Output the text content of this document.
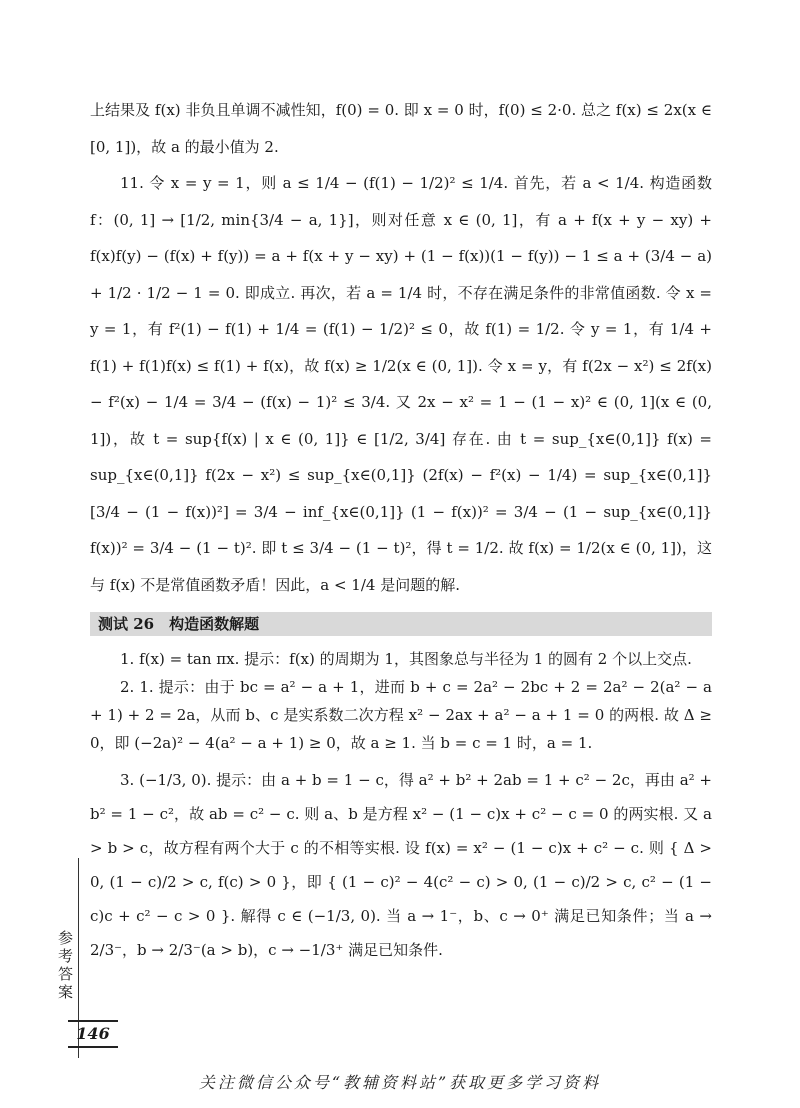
上结果及 f(x) 非负且单调不减性知，f(0) = 0. 即 x = 0 时，f(0) ≤ 2·0. 总之 f(x) ≤ 2x(x ∈ [0, 1])，故 a 的最小值为 2.

11. 令 x = y = 1，则 a ≤ 1/4 − (f(1) − 1/2)² ≤ 1/4. 首先，若 a < 1/4. 构造函数 f：(0, 1] → [1/2, min{3/4 − a, 1}]，则对任意 x ∈ (0, 1]，有 a + f(x + y − xy) + f(x)f(y) − (f(x) + f(y)) = a + f(x + y − xy) + (1 − f(x))(1 − f(y)) − 1 ≤ a + (3/4 − a) + 1/2 · 1/2 − 1 = 0. 即成立. 再次，若 a = 1/4 时，不存在满足条件的非常值函数. 令 x = y = 1，有 f²(1) − f(1) + 1/4 = (f(1) − 1/2)² ≤ 0，故 f(1) = 1/2. 令 y = 1，有 1/4 + f(1) + f(1)f(x) ≤ f(1) + f(x)，故 f(x) ≥ 1/2(x ∈ (0, 1]). 令 x = y，有 f(2x − x²) ≤ 2f(x) − f²(x) − 1/4 = 3/4 − (f(x) − 1)² ≤ 3/4. 又 2x − x² = 1 − (1 − x)² ∈ (0, 1](x ∈ (0, 1])，故 t = sup{f(x) | x ∈ (0, 1]} ∈ [1/2, 3/4] 存在. 由 t = sup_{x∈(0,1]} f(x) = sup_{x∈(0,1]} f(2x − x²) ≤ sup_{x∈(0,1]} (2f(x) − f²(x) − 1/4) = sup_{x∈(0,1]} [3/4 − (1 − f(x))²] = 3/4 − inf_{x∈(0,1]} (1 − f(x))² = 3/4 − (1 − sup_{x∈(0,1]} f(x))² = 3/4 − (1 − t)². 即 t ≤ 3/4 − (1 − t)²，得 t = 1/2. 故 f(x) = 1/2(x ∈ (0, 1])，这与 f(x) 不是常值函数矛盾！因此，a < 1/4 是问题的解.

测试 26　构造函数解题

1. f(x) = tan πx. 提示：f(x) 的周期为 1，其图象总与半径为 1 的圆有 2 个以上交点.

2. 1. 提示：由于 bc = a² − a + 1，进而 b + c = 2a² − 2bc + 2 = 2a² − 2(a² − a + 1) + 2 = 2a，从而 b、c 是实系数二次方程 x² − 2ax + a² − a + 1 = 0 的两根. 故 Δ ≥ 0，即 (−2a)² − 4(a² − a + 1) ≥ 0，故 a ≥ 1. 当 b = c = 1 时，a = 1.

3. (−1/3, 0). 提示：由 a + b = 1 − c，得 a² + b² + 2ab = 1 + c² − 2c，再由 a² + b² = 1 − c²，故 ab = c² − c. 则 a、b 是方程 x² − (1 − c)x + c² − c = 0 的两实根. 又 a > b > c，故方程有两个大于 c 的不相等实根. 设 f(x) = x² − (1 − c)x + c² − c. 则 { Δ > 0, (1 − c)/2 > c, f(c) > 0 }，即 { (1 − c)² − 4(c² − c) > 0, (1 − c)/2 > c, c² − (1 − c)c + c² − c > 0 }. 解得 c ∈ (−1/3, 0). 当 a → 1⁻，b、c → 0⁺ 满足已知条件；当 a → 2/3⁻，b → 2/3⁻(a > b)，c → −1/3⁺ 满足已知条件.

参考答案
146
关注微信公众号“教辅资料站”获取更多学习资料
